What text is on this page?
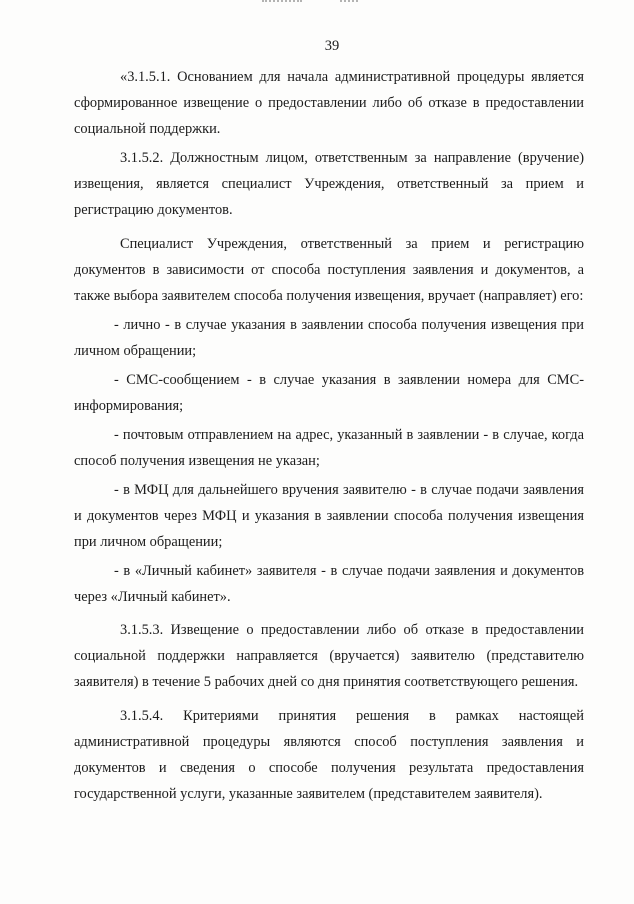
39

«3.1.5.1. Основанием для начала административной процедуры является сформированное извещение о предоставлении либо об отказе в предоставлении социальной поддержки.

3.1.5.2. Должностным лицом, ответственным за направление (вручение) извещения, является специалист Учреждения, ответственный за прием и регистрацию документов.

Специалист Учреждения, ответственный за прием и регистрацию документов в зависимости от способа поступления заявления и документов, а также выбора заявителем способа получения извещения, вручает (направляет) его:

- лично - в случае указания в заявлении способа получения извещения при личном обращении;

- СМС-сообщением - в случае указания в заявлении номера для СМС-информирования;

- почтовым отправлением на адрес, указанный в заявлении - в случае, когда способ получения извещения не указан;

- в МФЦ для дальнейшего вручения заявителю - в случае подачи заявления и документов через МФЦ и указания в заявлении способа получения извещения при личном обращении;

- в «Личный кабинет» заявителя - в случае подачи заявления и документов через «Личный кабинет».

3.1.5.3. Извещение о предоставлении либо об отказе в предоставлении социальной поддержки направляется (вручается) заявителю (представителю заявителя) в течение 5 рабочих дней со дня принятия соответствующего решения.

3.1.5.4. Критериями принятия решения в рамках настоящей административной процедуры являются способ поступления заявления и документов и сведения о способе получения результата предоставления государственной услуги, указанные заявителем (представителем заявителя).
